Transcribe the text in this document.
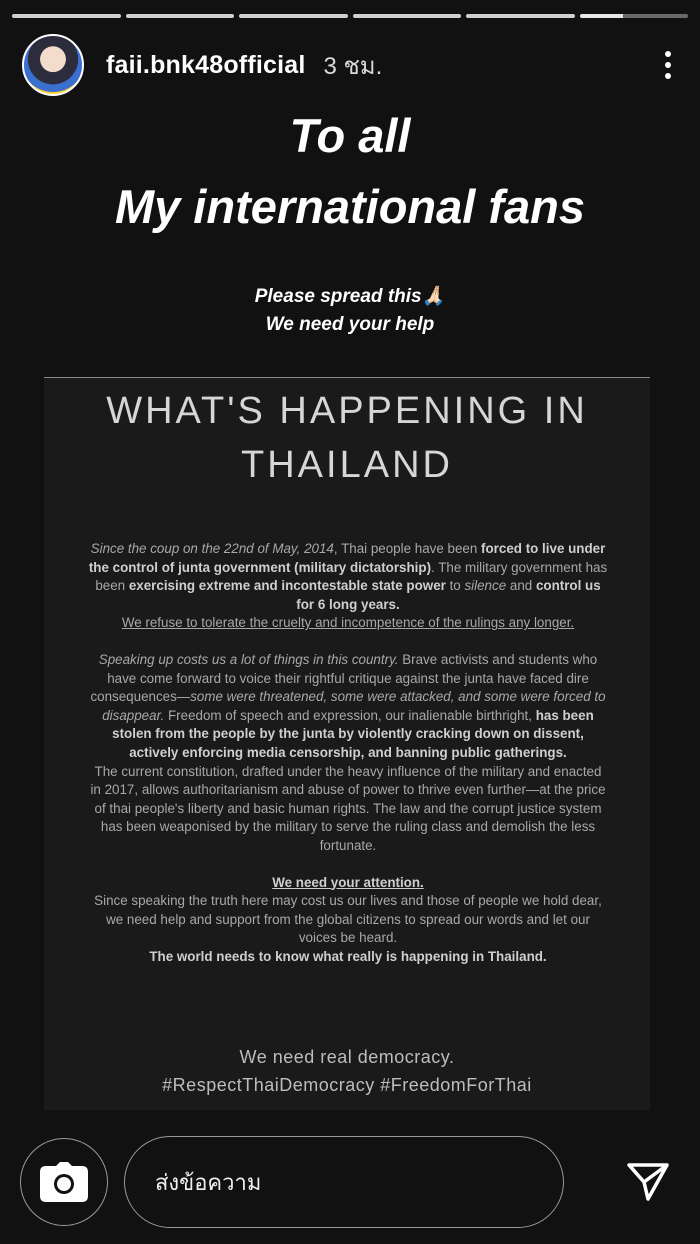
faii.bnk48official 3 ชม.
To all
My international fans
Please spread this🙏🏻
We need your help
WHAT'S HAPPENING IN
THAILAND

Since the coup on the 22nd of May, 2014, Thai people have been forced to live under the control of junta government (military dictatorship). The military government has been exercising extreme and incontestable state power to silence and control us for 6 long years.
We refuse to tolerate the cruelty and incompetence of the rulings any longer.

Speaking up costs us a lot of things in this country. Brave activists and students who have come forward to voice their rightful critique against the junta have faced dire consequences—some were threatened, some were attacked, and some were forced to disappear. Freedom of speech and expression, our inalienable birthright, has been stolen from the people by the junta by violently cracking down on dissent, actively enforcing media censorship, and banning public gatherings.
The current constitution, drafted under the heavy influence of the military and enacted in 2017, allows authoritarianism and abuse of power to thrive even further—at the price of thai people's liberty and basic human rights. The law and the corrupt justice system has been weaponised by the military to serve the ruling class and demolish the less fortunate.

We need your attention.
Since speaking the truth here may cost us our lives and those of people we hold dear, we need help and support from the global citizens to spread our words and let our voices be heard.
The world needs to know what really is happening in Thailand.

We need real democracy.
#RespectThaiDemocracy #FreedomForThai
ส่งข้อความ
